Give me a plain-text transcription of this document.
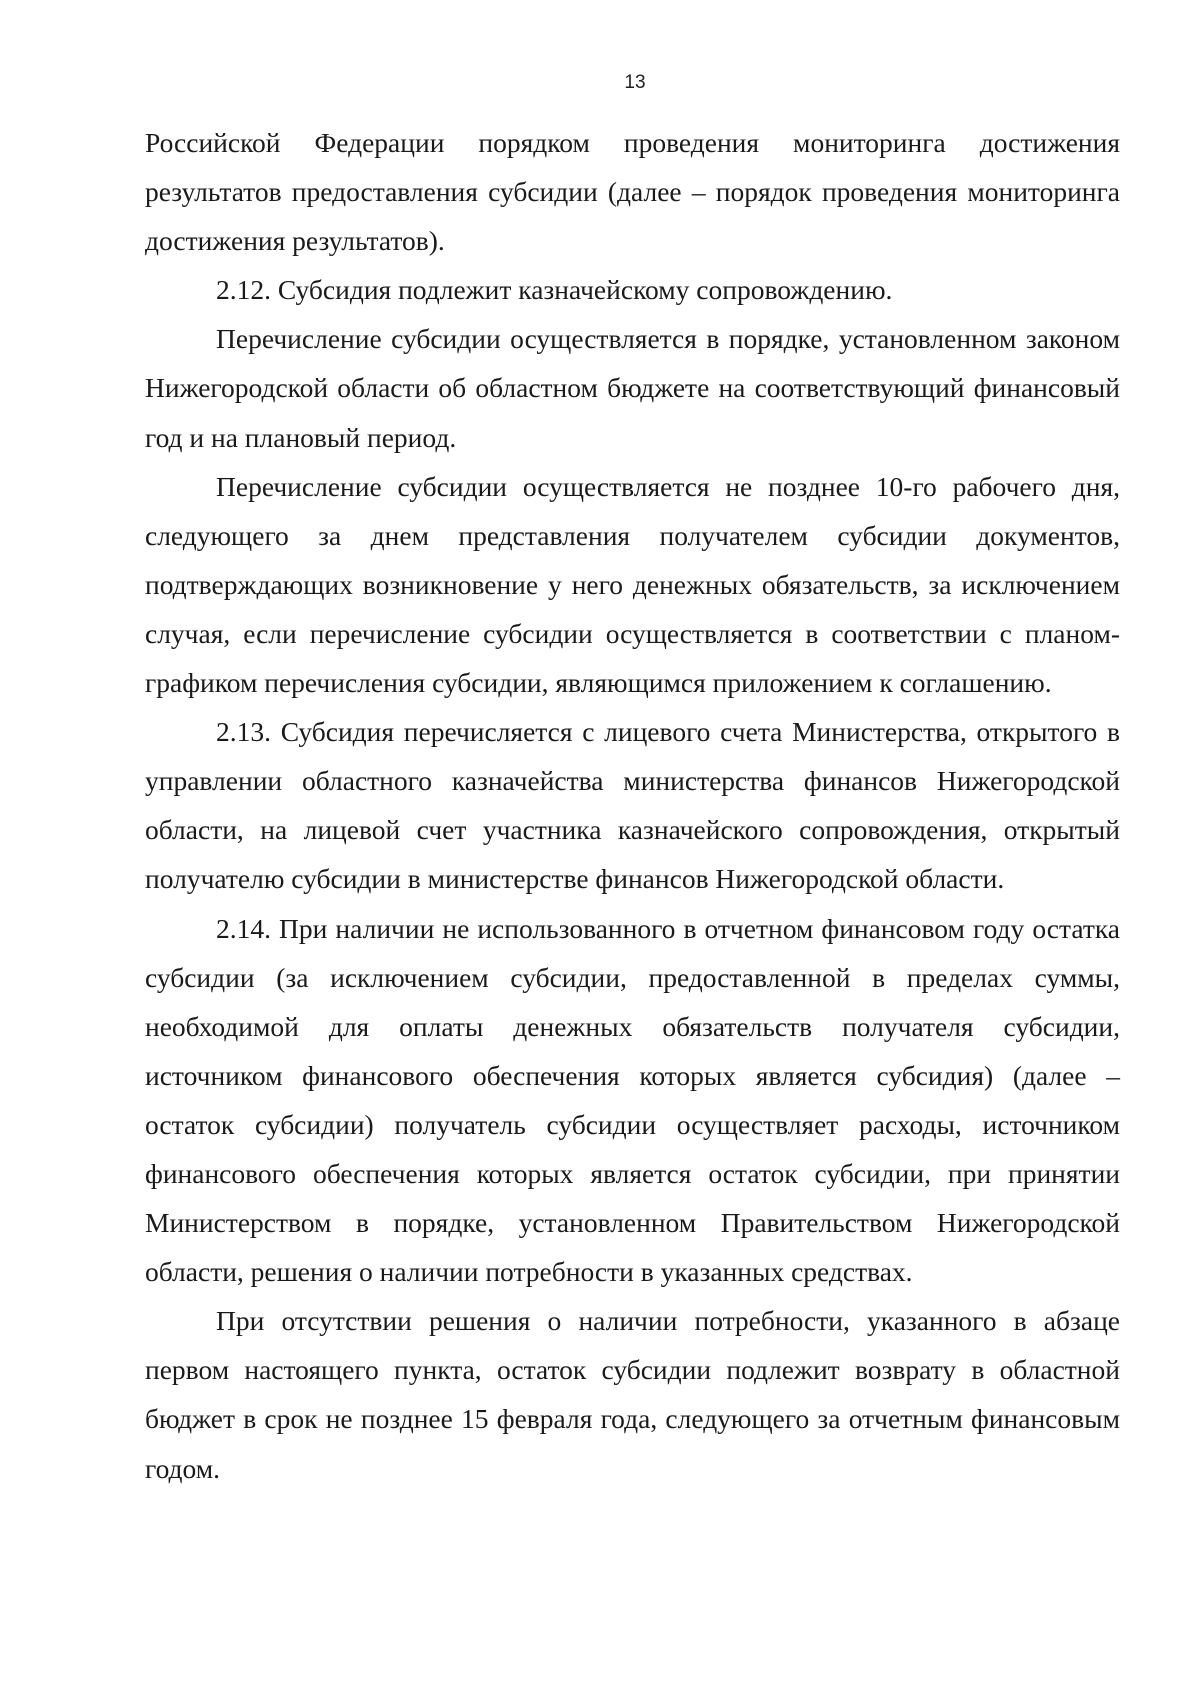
13

Российской Федерации порядком проведения мониторинга достижения результатов предоставления субсидии (далее – порядок проведения мониторинга достижения результатов).

2.12. Субсидия подлежит казначейскому сопровождению.

Перечисление субсидии осуществляется в порядке, установленном законом Нижегородской области об областном бюджете на соответствующий финансовый год и на плановый период.

Перечисление субсидии осуществляется не позднее 10-го рабочего дня, следующего за днем представления получателем субсидии документов, подтверждающих возникновение у него денежных обязательств, за исключением случая, если перечисление субсидии осуществляется в соответствии с планом-графиком перечисления субсидии, являющимся приложением к соглашению.

2.13. Субсидия перечисляется с лицевого счета Министерства, открытого в управлении областного казначейства министерства финансов Нижегородской области, на лицевой счет участника казначейского сопровождения, открытый получателю субсидии в министерстве финансов Нижегородской области.

2.14. При наличии не использованного в отчетном финансовом году остатка субсидии (за исключением субсидии, предоставленной в пределах суммы, необходимой для оплаты денежных обязательств получателя субсидии, источником финансового обеспечения которых является субсидия) (далее – остаток субсидии) получатель субсидии осуществляет расходы, источником финансового обеспечения которых является остаток субсидии, при принятии Министерством в порядке, установленном Правительством Нижегородской области, решения о наличии потребности в указанных средствах.

При отсутствии решения о наличии потребности, указанного в абзаце первом настоящего пункта, остаток субсидии подлежит возврату в областной бюджет в срок не позднее 15 февраля года, следующего за отчетным финансовым годом.
